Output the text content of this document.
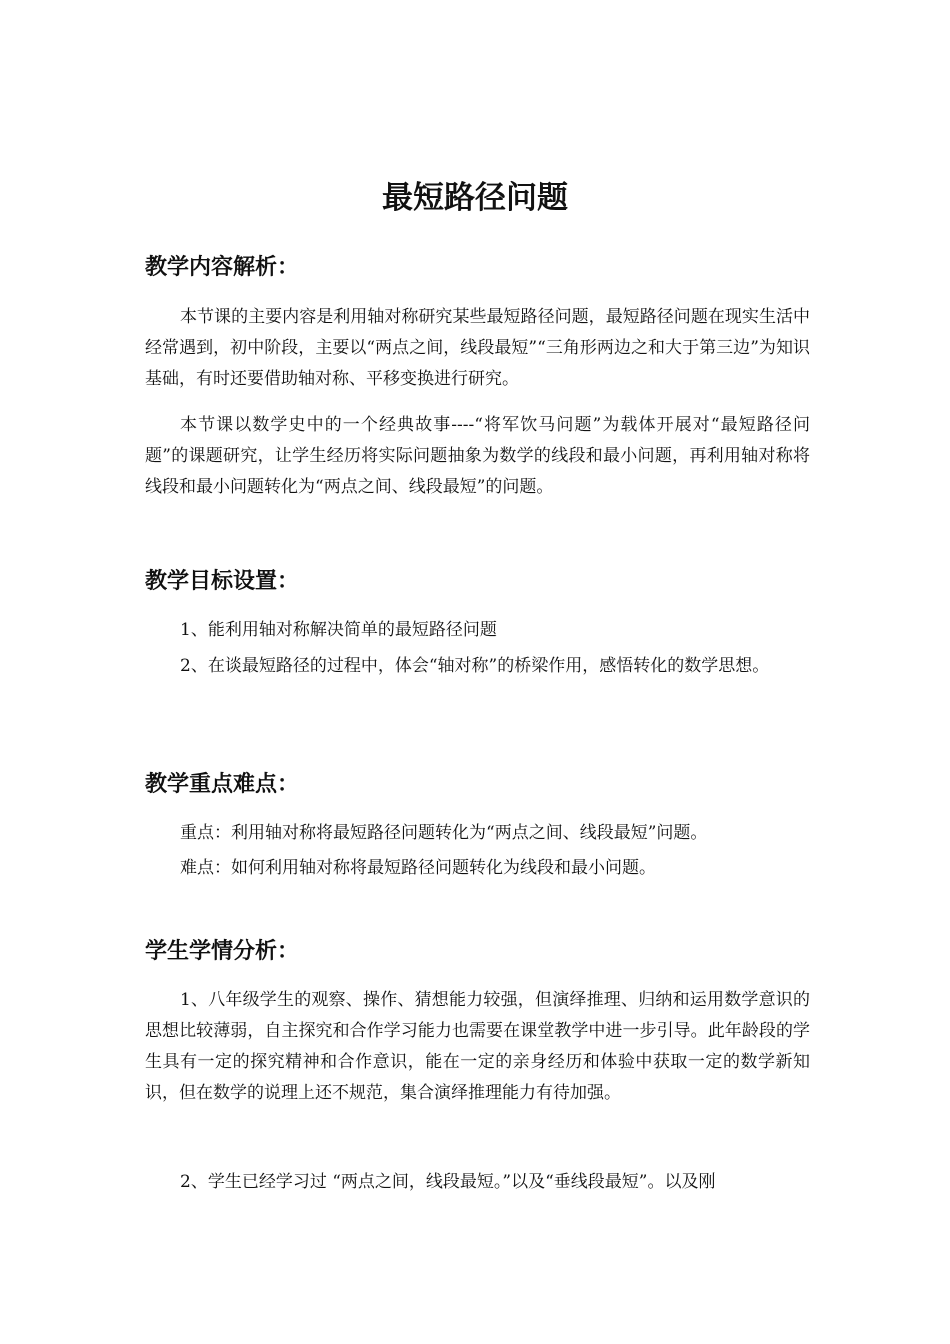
最短路径问题
教学内容解析：

本节课的主要内容是利用轴对称研究某些最短路径问题，最短路径问题在现实生活中经常遇到，初中阶段，主要以“两点之间，线段最短”“三角形两边之和大于第三边”为知识基础，有时还要借助轴对称、平移变换进行研究。

本节课以数学史中的一个经典故事----“将军饮马问题”为载体开展对“最短路径问题”的课题研究，让学生经历将实际问题抽象为数学的线段和最小问题，再利用轴对称将线段和最小问题转化为“两点之间、线段最短”的问题。

教学目标设置：

1、能利用轴对称解决简单的最短路径问题

2、在谈最短路径的过程中，体会“轴对称”的桥梁作用，感悟转化的数学思想。

教学重点难点：

重点：利用轴对称将最短路径问题转化为“两点之间、线段最短”问题。

难点：如何利用轴对称将最短路径问题转化为线段和最小问题。

学生学情分析：

1、八年级学生的观察、操作、猜想能力较强，但演绎推理、归纳和运用数学意识的思想比较薄弱，自主探究和合作学习能力也需要在课堂教学中进一步引导。此年龄段的学生具有一定的探究精神和合作意识，能在一定的亲身经历和体验中获取一定的数学新知识，但在数学的说理上还不规范，集合演绎推理能力有待加强。

2、学生已经学习过 “两点之间，线段最短。”以及“垂线段最短”。以及刚
